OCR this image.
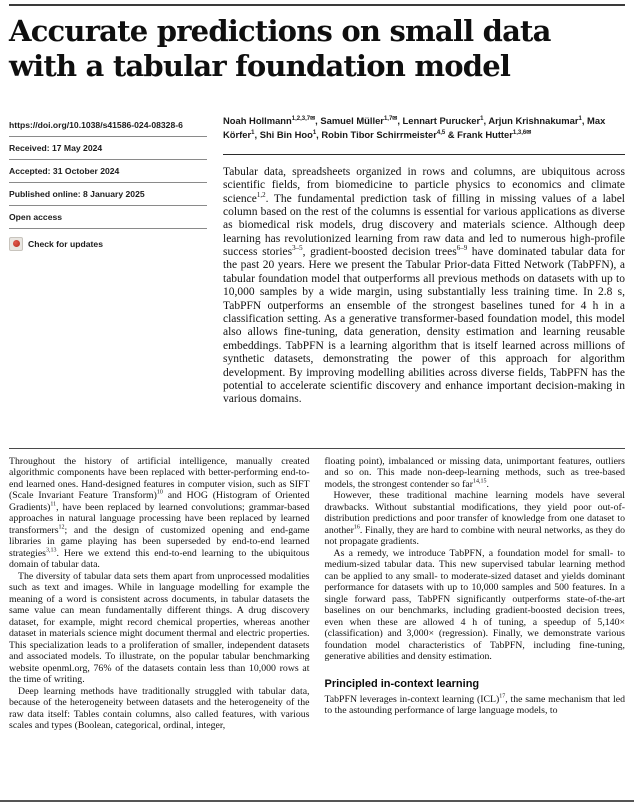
Accurate predictions on small data with a tabular foundation model
https://doi.org/10.1038/s41586-024-08328-6
Received: 17 May 2024
Accepted: 31 October 2024
Published online: 8 January 2025
Open access
Check for updates
Noah Hollmann$^{1,2,3,7✉}$, Samuel Müller$^{1,7✉}$, Lennart Purucker$^1$, Arjun Krishnakumar$^1$, Max Körfer$^1$, Shi Bin Hoo$^1$, Robin Tibor Schirrmeister$^{4,5}$ & Frank Hutter$^{1,3,6✉}$
Tabular data, spreadsheets organized in rows and columns, are ubiquitous across scientific fields, from biomedicine to particle physics to economics and climate science$^{1,2}$. The fundamental prediction task of filling in missing values of a label column based on the rest of the columns is essential for various applications as diverse as biomedical risk models, drug discovery and materials science. Although deep learning has revolutionized learning from raw data and led to numerous high-profile success stories$^{3-5}$, gradient-boosted decision trees$^{6-9}$ have dominated tabular data for the past 20 years. Here we present the Tabular Prior-data Fitted Network (TabPFN), a tabular foundation model that outperforms all previous methods on datasets with up to 10,000 samples by a wide margin, using substantially less training time. In 2.8 s, TabPFN outperforms an ensemble of the strongest baselines tuned for 4 h in a classification setting. As a generative transformer-based foundation model, this model also allows fine-tuning, data generation, density estimation and learning reusable embeddings. TabPFN is a learning algorithm that is itself learned across millions of synthetic datasets, demonstrating the power of this approach for algorithm development. By improving modelling abilities across diverse fields, TabPFN has the potential to accelerate scientific discovery and enhance important decision-making in various domains.

Throughout the history of artificial intelligence, manually created algorithmic components have been replaced with better-performing end-to-end learned ones. Hand-designed features in computer vision, such as SIFT (Scale Invariant Feature Transform)$^{10}$ and HOG (Histogram of Oriented Gradients)$^{11}$, have been replaced by learned convolutions; grammar-based approaches in natural language processing have been replaced by learned transformers$^{12}$; and the design of customized opening and end-game libraries in game playing has been superseded by end-to-end learned strategies$^{3,13}$. Here we extend this end-to-end learning to the ubiquitous domain of tabular data.

The diversity of tabular data sets them apart from unprocessed modalities such as text and images. While in language modelling for example the meaning of a word is consistent across documents, in tabular datasets the same value can mean fundamentally different things. A drug discovery dataset, for example, might record chemical properties, whereas another dataset in materials science might document thermal and electric properties. This specialization leads to a proliferation of smaller, independent datasets and associated models. To illustrate, on the popular tabular benchmarking website openml.org, 76% of the datasets contain less than 10,000 rows at the time of writing.

Deep learning methods have traditionally struggled with tabular data, because of the heterogeneity between datasets and the heterogeneity of the raw data itself: Tables contain columns, also called features, with various scales and types (Boolean, categorical, ordinal, integer,

floating point), imbalanced or missing data, unimportant features, outliers and so on. This made non-deep-learning methods, such as tree-based models, the strongest contender so far$^{14,15}$.

However, these traditional machine learning models have several drawbacks. Without substantial modifications, they yield poor out-of-distribution predictions and poor transfer of knowledge from one dataset to another$^{16}$. Finally, they are hard to combine with neural networks, as they do not propagate gradients.

As a remedy, we introduce TabPFN, a foundation model for small- to medium-sized tabular data. This new supervised tabular learning method can be applied to any small- to moderate-sized dataset and yields dominant performance for datasets with up to 10,000 samples and 500 features. In a single forward pass, TabPFN significantly outperforms state-of-the-art baselines on our benchmarks, including gradient-boosted decision trees, even when these are allowed 4 h of tuning, a speedup of 5,140× (classification) and 3,000× (regression). Finally, we demonstrate various foundation model characteristics of TabPFN, including fine-tuning, generative abilities and density estimation.

Principled in-context learning

TabPFN leverages in-context learning (ICL)$^{17}$, the same mechanism that led to the astounding performance of large language models, to
